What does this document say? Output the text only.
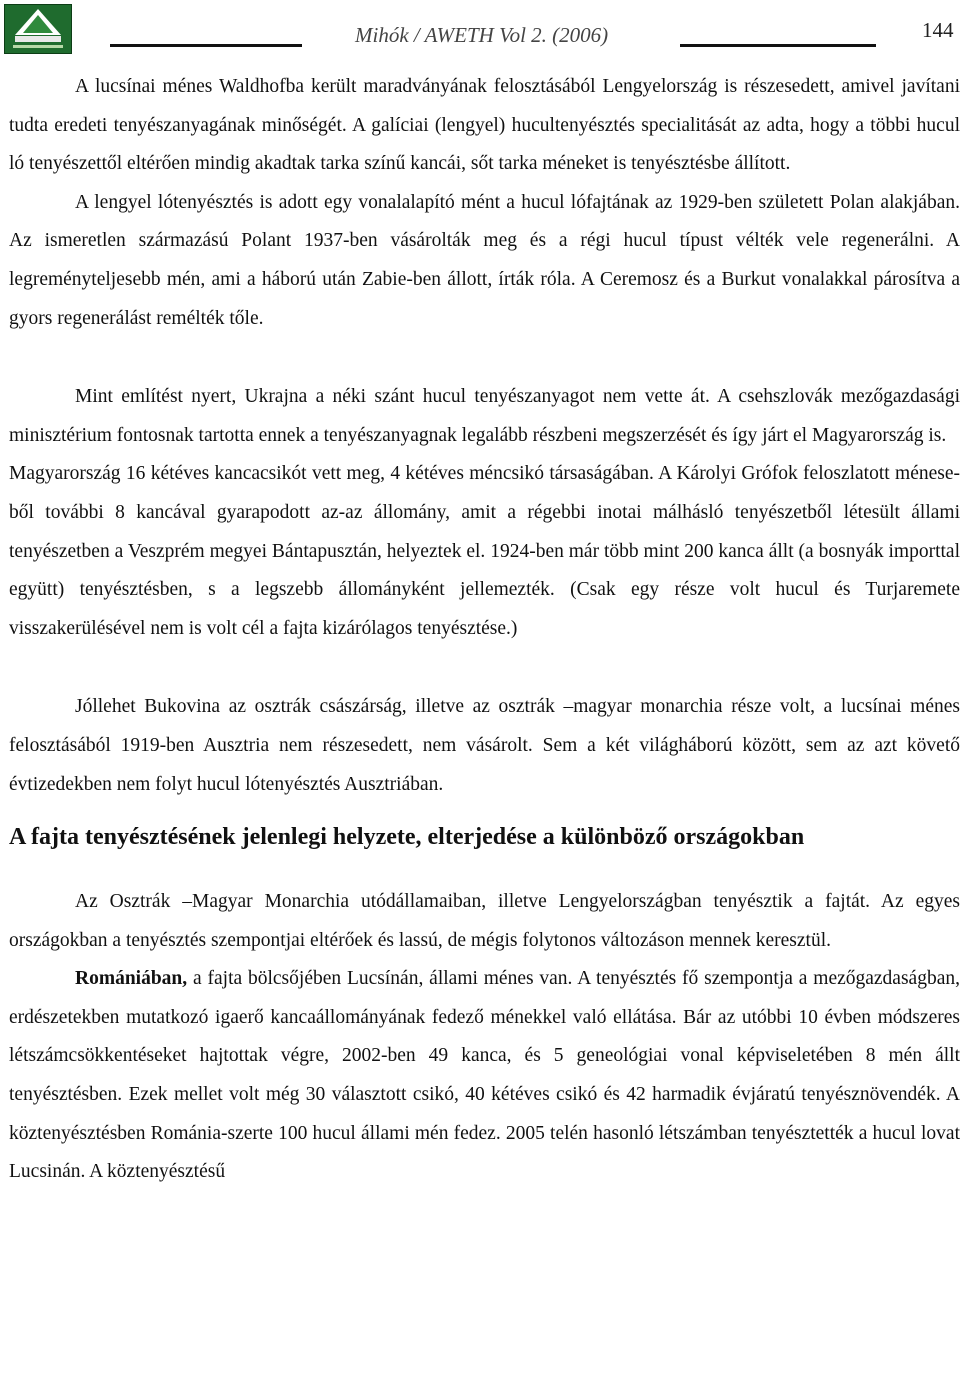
Mihók / AWETH Vol 2. (2006)	144

A lucsínai ménes Waldhofba került maradványának felosztásából Lengyelország is részesedett, amivel javítani tudta eredeti tenyészanyagának minőségét. A galíciai (lengyel) hucultenyésztés specialitását az adta, hogy a többi hucul ló tenyészettől eltérően mindig akadtak tarka színű kancái, sőt tarka méneket is tenyésztésbe állított.

A lengyel lótenyésztés is adott egy vonalalapító mént a hucul lófajtának az 1929-ben született Polan alakjában. Az ismeretlen származású Polant 1937-ben vásárolták meg és a régi hucul típust vélték vele regenerálni. A legreményteljesebb mén, ami a háború után Zabie-ben állott, írták róla. A Ceremosz és a Burkut vonalakkal párosítva a gyors regenerálást remélték tőle.

Mint említést nyert, Ukrajna a néki szánt hucul tenyészanyagot nem vette át. A csehszlovák mezőgazdasági minisztérium fontosnak tartotta ennek a tenyészanyagnak legalább részbeni megszerzését és így járt el Magyarország is.

Magyarország 16 kétéves kancacsikót vett meg, 4 kétéves méncsikó társaságában. A Károlyi Grófok feloszlatott méneseből további 8 kancával gyarapodott az-az állomány, amit a régebbi inotai málhásló tenyészetből létesült állami tenyészetben a Veszprém megyei Bántapusztán, helyeztek el. 1924-ben már több mint 200 kanca állt (a bosnyák importtal együtt) tenyésztésben, s a legszebb állományként jellemezték. (Csak egy része volt hucul és Turjaremete visszakerülésével nem is volt cél a fajta kizárólagos tenyésztése.)

Jóllehet Bukovina az osztrák császárság, illetve az osztrák –magyar monarchia része volt, a lucsínai ménes felosztásából 1919-ben Ausztria nem részesedett, nem vásárolt. Sem a két világháború között, sem az azt követő évtizedekben nem folyt hucul lótenyésztés Ausztriában.

A fajta tenyésztésének jelenlegi helyzete, elterjedése a különböző országokban

Az Osztrák –Magyar Monarchia utódállamaiban, illetve Lengyelországban tenyésztik a fajtát. Az egyes országokban a tenyésztés szempontjai eltérőek és lassú, de mégis folytonos változáson mennek keresztül.

Romániában, a fajta bölcsőjében Lucsínán, állami ménes van. A tenyésztés fő szempontja a mezőgazdaságban, erdészetekben mutatkozó igaerő kancaállományának fedező ménekkel való ellátása. Bár az utóbbi 10 évben módszeres létszámcsökkentéseket hajtottak végre, 2002-ben 49 kanca, és 5 geneológiai vonal képviseletében 8 mén állt tenyésztésben. Ezek mellet volt még 30 választott csikó, 40 kétéves csikó és 42 harmadik évjáratú tenyésznövendék. A köztenyésztésben Románia-szerte 100 hucul állami mén fedez. 2005 telén hasonló létszámban tenyésztették a hucul lovat Lucsinán. A köztenyésztésű
